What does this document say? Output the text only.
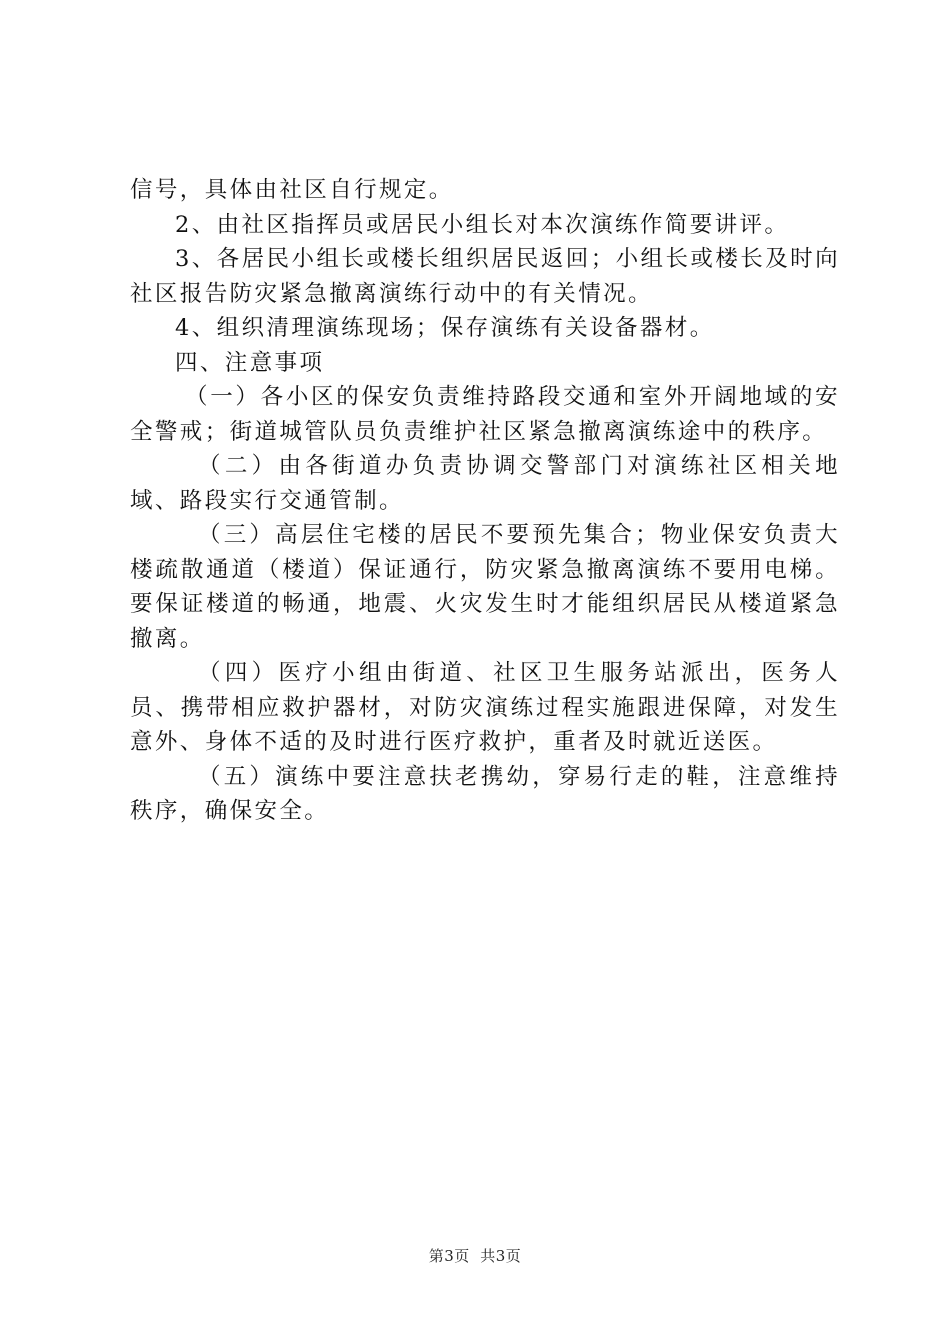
信号，具体由社区自行规定。

2、由社区指挥员或居民小组长对本次演练作简要讲评。

3、各居民小组长或楼长组织居民返回；小组长或楼长及时向社区报告防灾紧急撤离演练行动中的有关情况。

4、组织清理演练现场；保存演练有关设备器材。

四、注意事项

（一）各小区的保安负责维持路段交通和室外开阔地域的安全警戒；街道城管队员负责维护社区紧急撤离演练途中的秩序。

（二）由各街道办负责协调交警部门对演练社区相关地域、路段实行交通管制。

（三）高层住宅楼的居民不要预先集合；物业保安负责大楼疏散通道（楼道）保证通行，防灾紧急撤离演练不要用电梯。要保证楼道的畅通，地震、火灾发生时才能组织居民从楼道紧急撤离。

（四）医疗小组由街道、社区卫生服务站派出，医务人员、携带相应救护器材，对防灾演练过程实施跟进保障，对发生意外、身体不适的及时进行医疗救护，重者及时就近送医。

（五）演练中要注意扶老携幼，穿易行走的鞋，注意维持秩序，确保安全。

第3页  共3页
